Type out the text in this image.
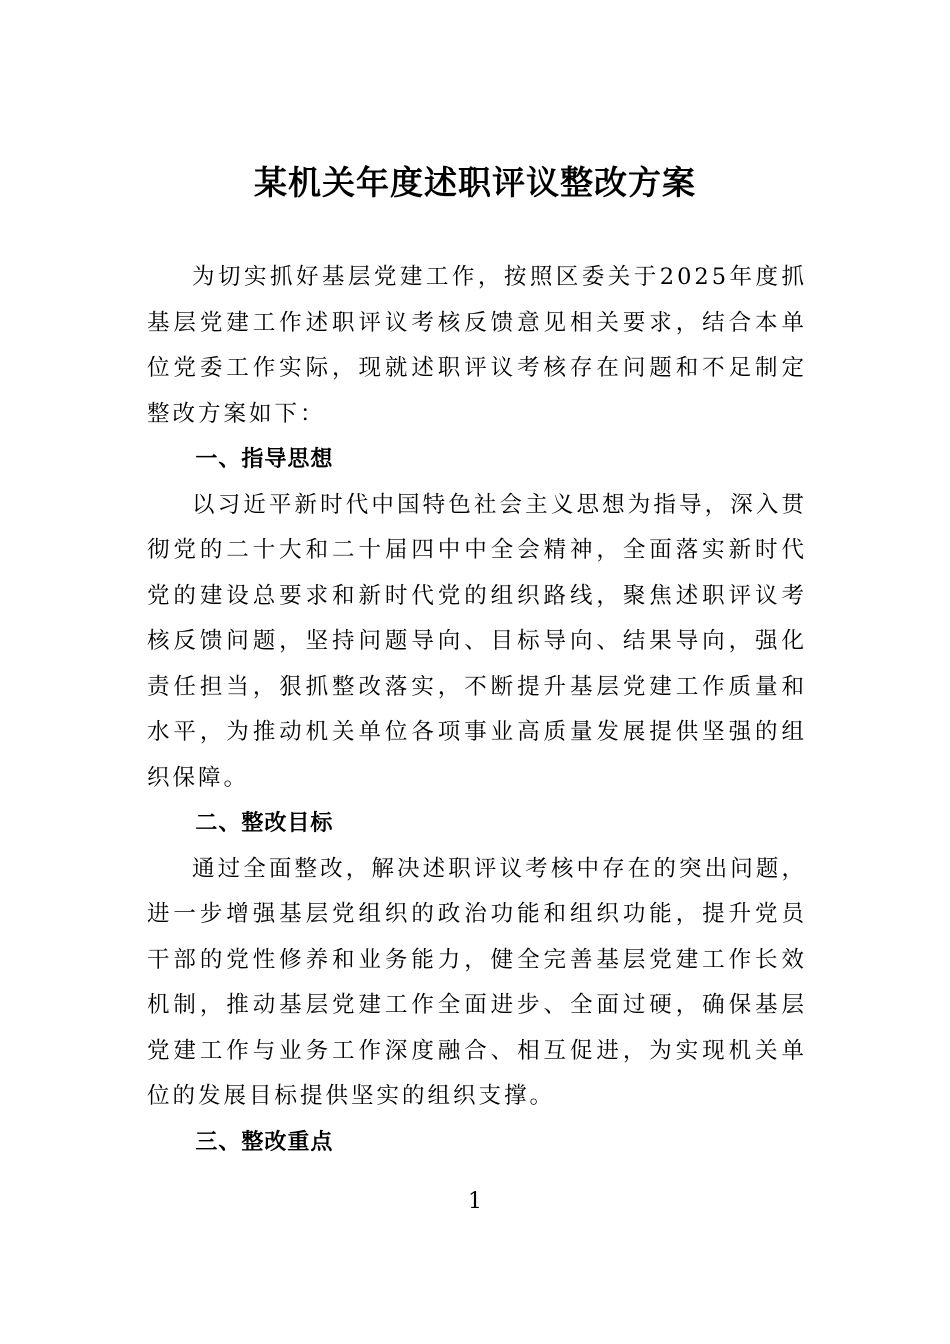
某机关年度述职评议整改方案

为切实抓好基层党建工作，按照区委关于2025年度抓基层党建工作述职评议考核反馈意见相关要求，结合本单位党委工作实际，现就述职评议考核存在问题和不足制定整改方案如下：

一、指导思想

以习近平新时代中国特色社会主义思想为指导，深入贯彻党的二十大和二十届四中中全会精神，全面落实新时代党的建设总要求和新时代党的组织路线，聚焦述职评议考核反馈问题，坚持问题导向、目标导向、结果导向，强化责任担当，狠抓整改落实，不断提升基层党建工作质量和水平，为推动机关单位各项事业高质量发展提供坚强的组织保障。

二、整改目标

通过全面整改，解决述职评议考核中存在的突出问题，进一步增强基层党组织的政治功能和组织功能，提升党员干部的党性修养和业务能力，健全完善基层党建工作长效机制，推动基层党建工作全面进步、全面过硬，确保基层党建工作与业务工作深度融合、相互促进，为实现机关单位的发展目标提供坚实的组织支撑。

三、整改重点

1
